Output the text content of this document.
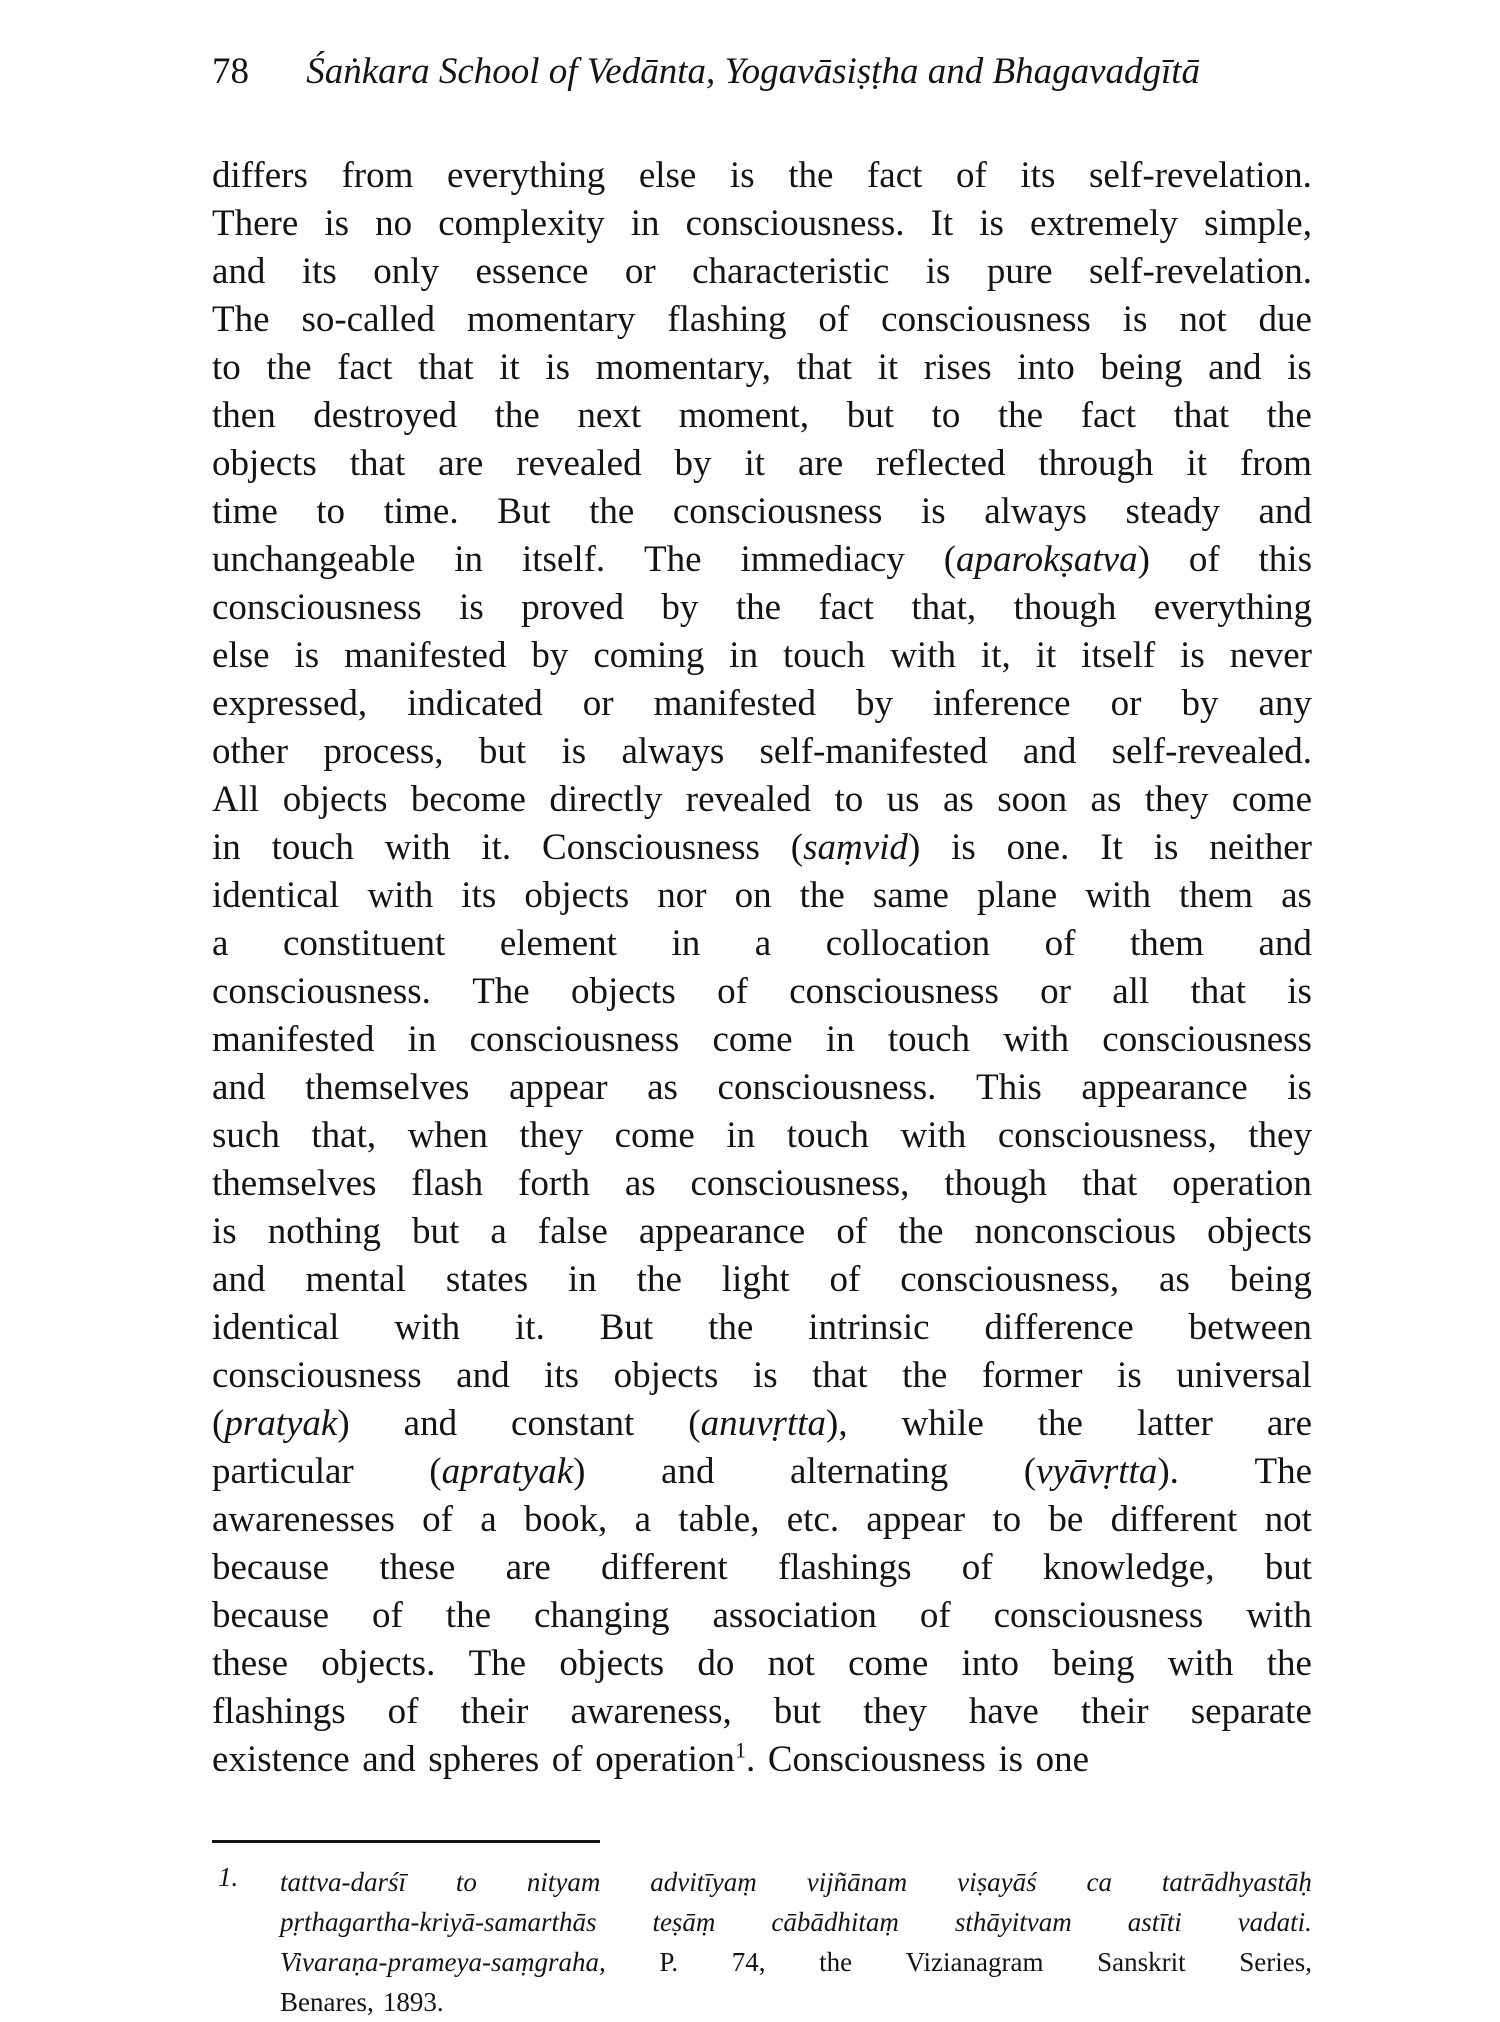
78 Śaṅkara School of Vedānta, Yogavāsiṣṭha and Bhagavadgītā
differs from everything else is the fact of its self-revelation.
There is no complexity in consciousness. It is extremely simple,
and its only essence or characteristic is pure self-revelation.
The so-called momentary flashing of consciousness is not due
to the fact that it is momentary, that it rises into being and is
then destroyed the next moment, but to the fact that the
objects that are revealed by it are reflected through it from
time to time. But the consciousness is always steady and
unchangeable in itself. The immediacy (aparokṣatva) of this
consciousness is proved by the fact that, though everything
else is manifested by coming in touch with it, it itself is never
expressed, indicated or manifested by inference or by any
other process, but is always self-manifested and self-revealed.
All objects become directly revealed to us as soon as they come
in touch with it. Consciousness (saṃvid) is one. It is neither
identical with its objects nor on the same plane with them as
a constituent element in a collocation of them and
consciousness. The objects of consciousness or all that is
manifested in consciousness come in touch with consciousness
and themselves appear as consciousness. This appearance is
such that, when they come in touch with consciousness, they
themselves flash forth as consciousness, though that operation
is nothing but a false appearance of the nonconscious objects
and mental states in the light of consciousness, as being
identical with it. But the intrinsic difference between
consciousness and its objects is that the former is universal
(pratyak) and constant (anuvṛtta), while the latter are
particular (apratyak) and alternating (vyāvṛtta). The
awarenesses of a book, a table, etc. appear to be different not
because these are different flashings of knowledge, but
because of the changing association of consciousness with
these objects. The objects do not come into being with the
flashings of their awareness, but they have their separate
existence and spheres of operation$^1$. Consciousness is one
1. tattva-darśī to nityam advitīyaṃ vijñānam viṣayāś ca tatrādhyastāḥ
pṛthagartha-kriyā-samarthās teṣāṃ cābādhitaṃ sthāyitvam astīti vadati.
Vivaraṇa-prameya-saṃgraha, P. 74, the Vizianagram Sanskrit Series,
Benares, 1893.
